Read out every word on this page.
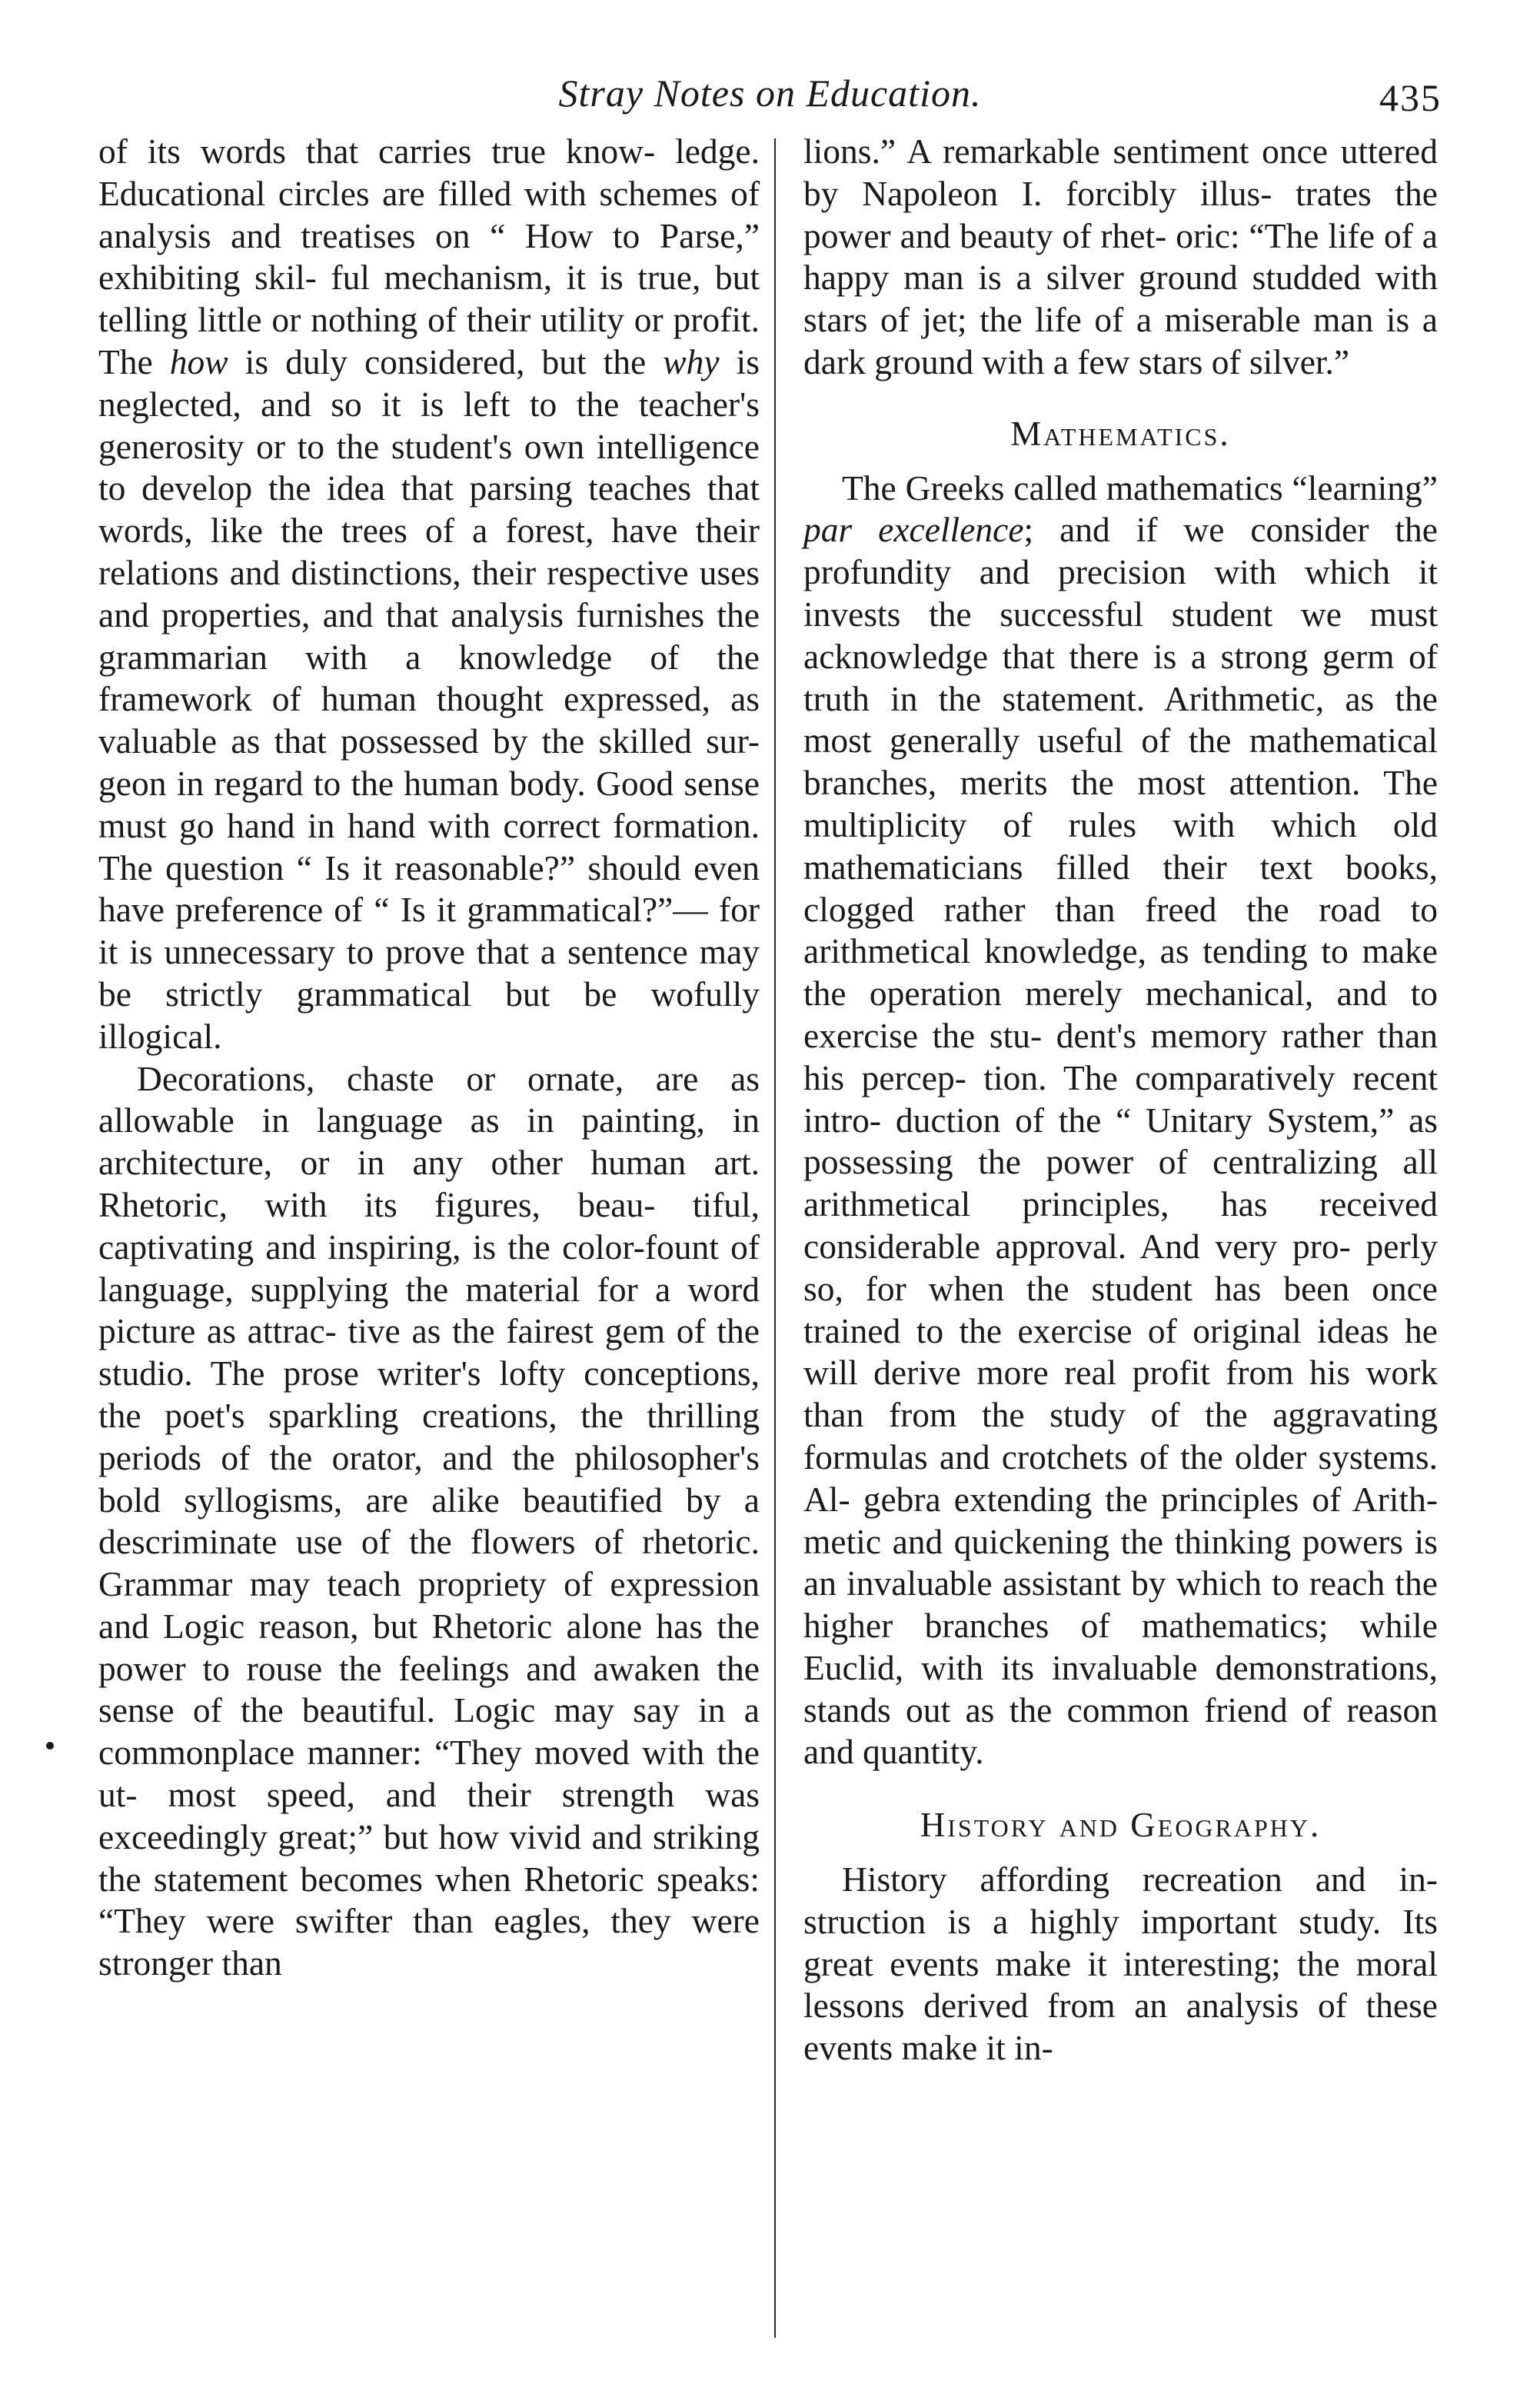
Stray Notes on Education.	435

of its words that carries true know- ledge. Educational circles are filled with schemes of analysis and treatises on “ How to Parse,” exhibiting skil- ful mechanism, it is true, but telling little or nothing of their utility or profit. The how is duly considered, but the why is neglected, and so it is left to the teacher's generosity or to the student's own intelligence to develop the idea that parsing teaches that words, like the trees of a forest, have their relations and distinctions, their respective uses and properties, and that analysis furnishes the grammarian with a knowledge of the framework of human thought expressed, as valuable as that possessed by the skilled sur- geon in regard to the human body. Good sense must go hand in hand with correct formation. The question “ Is it reasonable?” should even have preference of “ Is it grammatical?”— for it is unnecessary to prove that a sentence may be strictly grammatical but be wofully illogical.

Decorations, chaste or ornate, are as allowable in language as in painting, in architecture, or in any other human art. Rhetoric, with its figures, beau- tiful, captivating and inspiring, is the color-fount of language, supplying the material for a word picture as attrac- tive as the fairest gem of the studio. The prose writer's lofty conceptions, the poet's sparkling creations, the thrilling periods of the orator, and the philosopher's bold syllogisms, are alike beautified by a descriminate use of the flowers of rhetoric. Grammar may teach propriety of expression and Logic reason, but Rhetoric alone has the power to rouse the feelings and awaken the sense of the beautiful. Logic may say in a commonplace manner: “They moved with the ut- most speed, and their strength was exceedingly great;” but how vivid and striking the statement becomes when Rhetoric speaks: “They were swifter than eagles, they were stronger than

lions.” A remarkable sentiment once uttered by Napoleon I. forcibly illus- trates the power and beauty of rhet- oric: “The life of a happy man is a silver ground studded with stars of jet; the life of a miserable man is a dark ground with a few stars of silver.”

Mathematics.

The Greeks called mathematics “learning” par excellence; and if we consider the profundity and precision with which it invests the successful student we must acknowledge that there is a strong germ of truth in the statement. Arithmetic, as the most generally useful of the mathematical branches, merits the most attention. The multiplicity of rules with which old mathematicians filled their text books, clogged rather than freed the road to arithmetical knowledge, as tending to make the operation merely mechanical, and to exercise the stu- dent's memory rather than his percep- tion. The comparatively recent intro- duction of the “ Unitary System,” as possessing the power of centralizing all arithmetical principles, has received considerable approval. And very pro- perly so, for when the student has been once trained to the exercise of original ideas he will derive more real profit from his work than from the study of the aggravating formulas and crotchets of the older systems. Al- gebra extending the principles of Arith- metic and quickening the thinking powers is an invaluable assistant by which to reach the higher branches of mathematics; while Euclid, with its invaluable demonstrations, stands out as the common friend of reason and quantity.

History and Geography.

History affording recreation and in- struction is a highly important study. Its great events make it interesting; the moral lessons derived from an analysis of these events make it in-
